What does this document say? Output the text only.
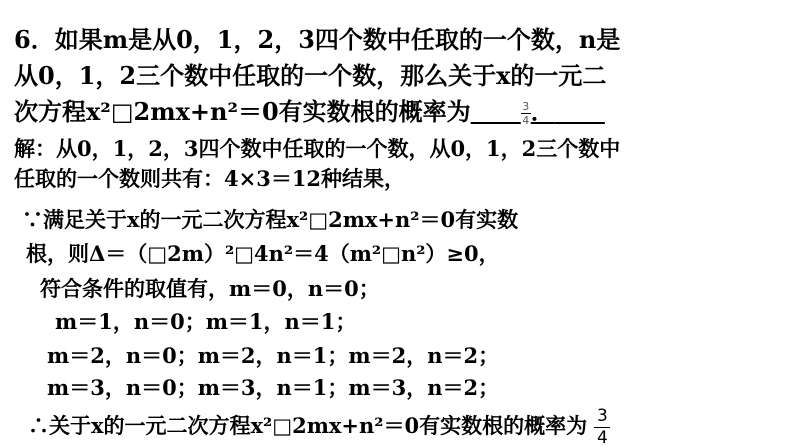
6．如果m是从0，1，2，3四个数中任取的一个数，n是
从0，1，2三个数中任取的一个数，那么关于x的一元二
次方程x²□2mx+n²＝0有实数根的概率为   	$\frac{3}{4}$ ．   
解：从0，1，2，3四个数中任取的一个数，从0，1，2三个数中
任取的一个数则共有：4×3＝12种结果，
∵满足关于x的一元二次方程x²□2mx+n²＝0有实数
根，则Δ＝（□2m）²□4n²＝4（m²□n²）≥0，
符合条件的取值有，m＝0，n＝0；
m＝1，n＝0；m＝1，n＝1；
m＝2，n＝0；m＝2，n＝1；m＝2，n＝2；
m＝3，n＝0；m＝3，n＝1；m＝3，n＝2；
∴关于x的一元二次方程x²□2mx+n²＝0有实数根的概率为 $\frac{3}{4}$
